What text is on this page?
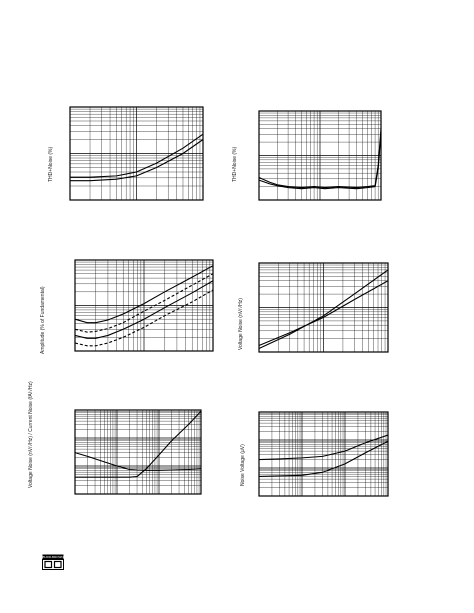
THD+Noise (%)	THD+Noise (%)
Amplitude (% of Fundamental)	Voltage Noise (nV/√Hz)
Voltage Noise (nV/√Hz) / Current Noise (fA/√Hz)	Noise Voltage (µV)
BURR-BROWN
